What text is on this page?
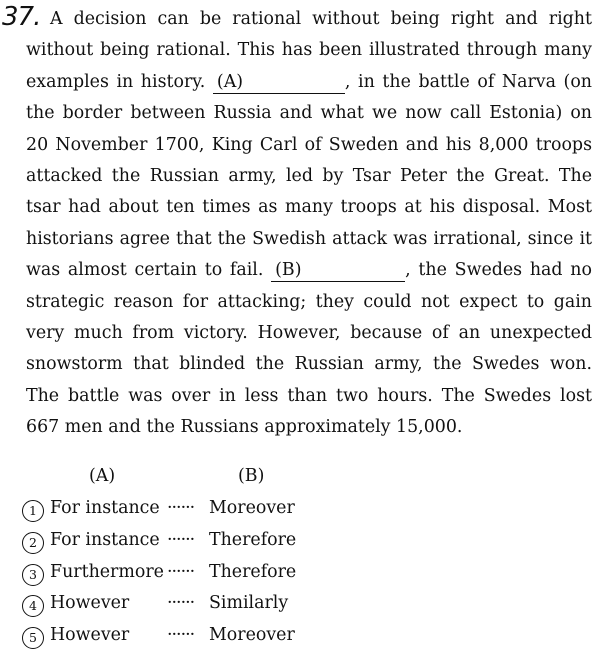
37. A decision can be rational without being right and right
without being rational. This has been illustrated through many
examples in history. (A)	, in the battle of Narva (on
the border between Russia and what we now call Estonia) on
20 November 1700, King Carl of Sweden and his 8,000 troops
attacked the Russian army, led by Tsar Peter the Great. The
tsar had about ten times as many troops at his disposal. Most
historians agree that the Swedish attack was irrational, since it
was almost certain to fail. (B)	, the Swedes had no
strategic reason for attacking; they could not expect to gain
very much from victory. However, because of an unexpected
snowstorm that blinded the Russian army, the Swedes won.
The battle was over in less than two hours. The Swedes lost
667 men and the Russians approximately 15,000.
(A)	(B)
1 For instance ······ Moreover
2 For instance ······ Therefore
3 Furthermore ······ Therefore
4 However ······ Similarly
5 However ······ Moreover
